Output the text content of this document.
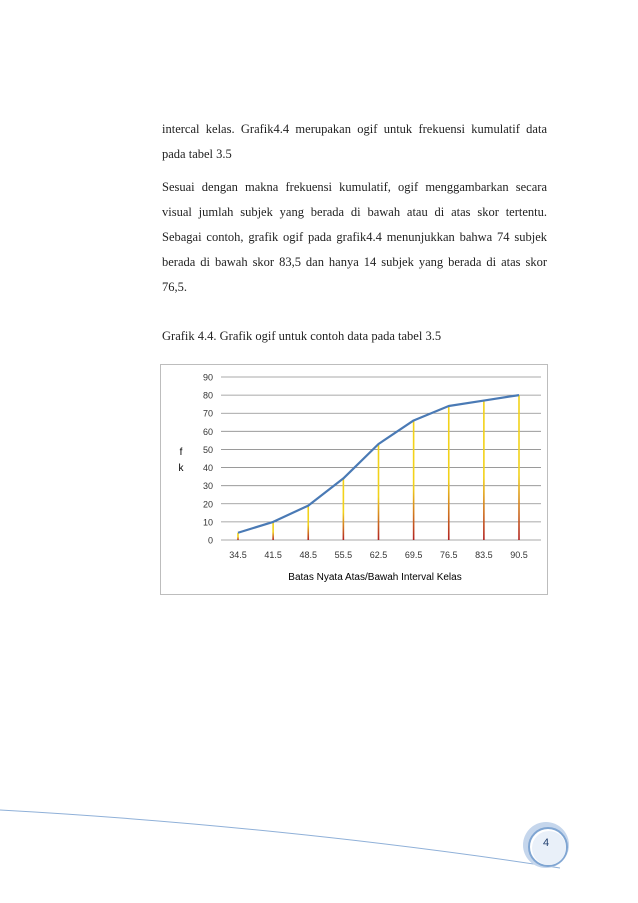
intercal kelas. Grafik4.4 merupakan ogif untuk frekuensi kumulatif data pada tabel 3.5

Sesuai dengan makna frekuensi kumulatif, ogif menggambarkan secara visual jumlah subjek yang berada di bawah atau di atas skor tertentu. Sebagai contoh, grafik ogif pada grafik4.4 menunjukkan bahwa 74 subjek berada di bawah skor 83,5 dan hanya 14 subjek yang berada di atas skor 76,5.

Grafik 4.4. Grafik ogif untuk contoh data pada tabel 3.5

0
10
20
30
40
50
60
70
80
90
34.5 41.5 48.5 55.5 62.5 69.5 76.5 83.5 90.5
f
k
Batas Nyata Atas/Bawah Interval Kelas
4
